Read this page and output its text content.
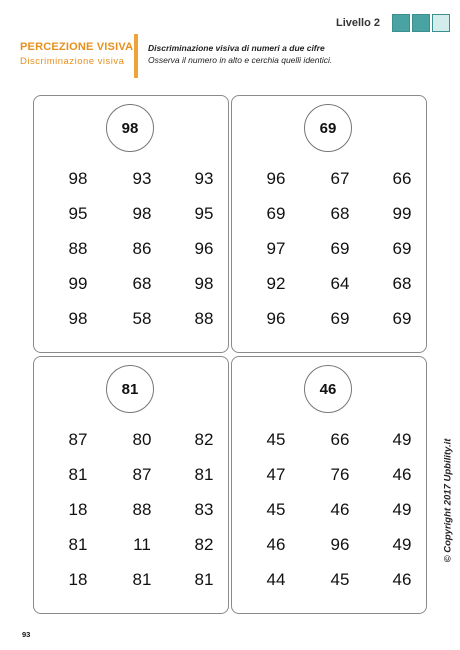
Livello 2
PERCEZIONE VISIVA
Discriminazione visiva
Discriminazione visiva di numeri a due cifre
Osserva il numero in alto e cerchia quelli identici.
98
98	93	93
95	98	95
88	86	96
99	68	98
98	58	88
69
96	67	66
69	68	99
97	69	69
92	64	68
96	69	69
81
87	80	82
81	87	81
18	88	83
81	11	82
18	81	81
46
45	66	49
47	76	46
45	46	49
46	96	49
44	45	46
© Copyright 2017 Upbility.it
93
